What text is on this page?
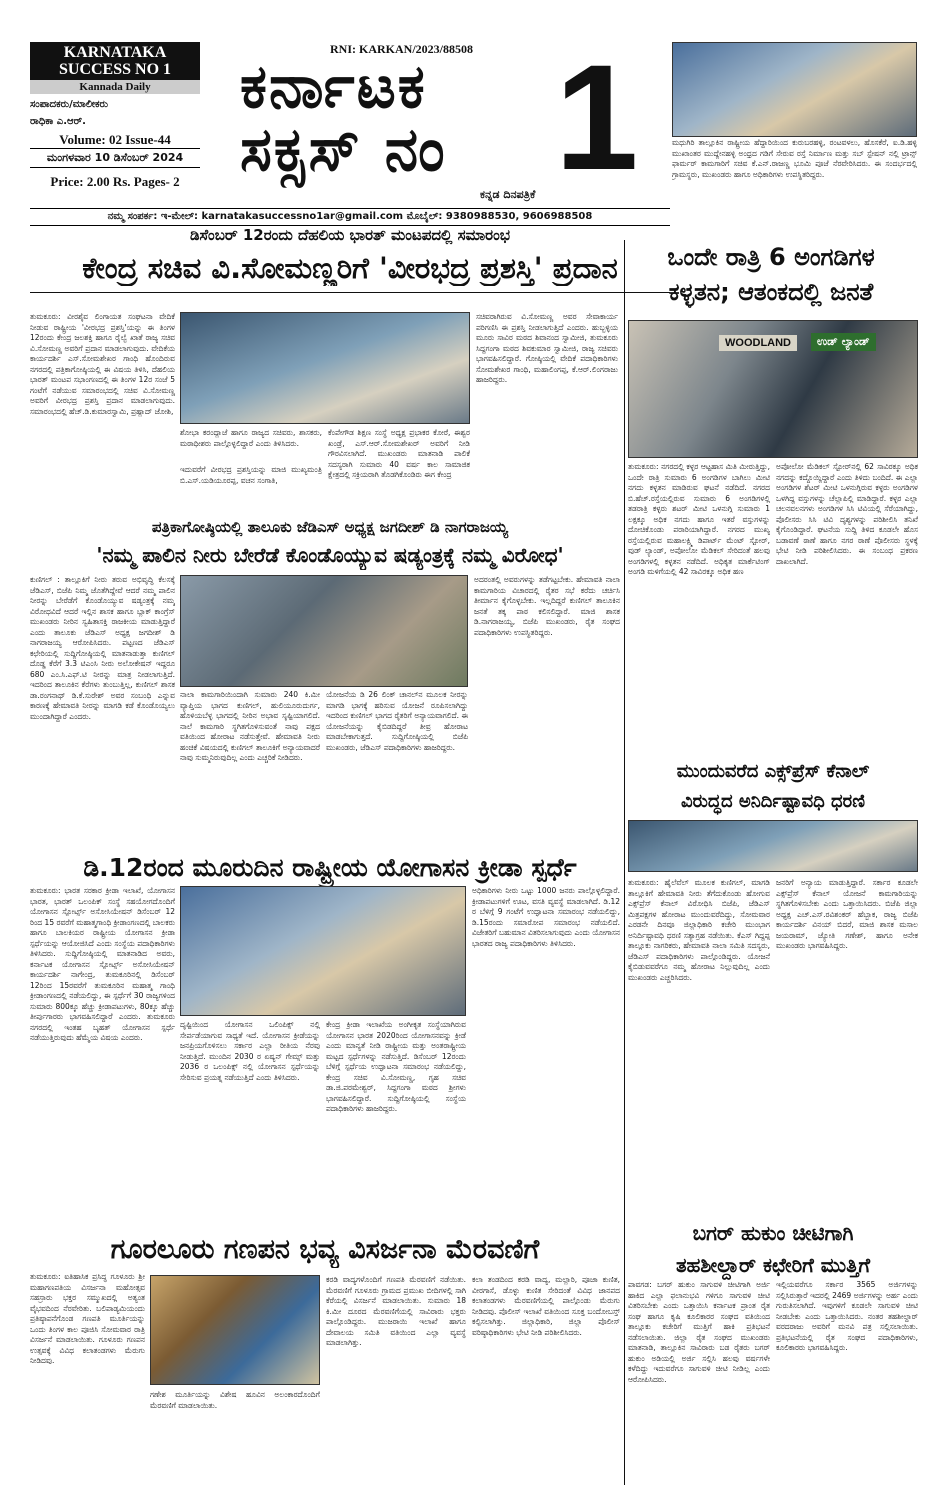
KARNATAKA
SUCCESS NO 1
Kannada Daily
ಸಂಪಾದಕರು/ಮಾಲೀಕರು
ರಾಧಿಕಾ ಎ.ಆರ್.
Volume: 02 Issue-44
ಮಂಗಳವಾರ 10 ಡಿಸೆಂಬರ್ 2024
Price: 2.00 Rs. Pages- 2
RNI: KARKAN/2023/88508
ಕರ್ನಾಟಕ
ಸಕ್ಸಸ್ ನಂ 1
ಕನ್ನಡ ದಿನಪತ್ರಿಕೆ
ನಮ್ಮ ಸಂಪರ್ಕ: ಇ-ಮೇಲ್: karnatakasuccessno1ar@gmail.com ಮೊಬೈಲ್: 9380988530, 9606988508
ಮಧುಗಿರಿ ತಾಲ್ಲೂಕಿನ ರಾಷ್ಟ್ರೀಯ ಹೆದ್ದಾರಿಯಿಂದ ಕುರುಬರಹಳ್ಳಿ, ರಂಟವಳಲು, ಹೊಸಕೆರೆ, ಐ.ಡಿ.ಹಳ್ಳಿ ಮುಖಾಂತರ ಮುದ್ದೇನಹಳ್ಳಿ ಅಂಧ್ರದ ಗಡಿಗೆ ಸೇರುವ ರಸ್ತೆ ನಿರ್ಮಾಣ ಮತ್ತು ಸಬ್ ಸ್ಟೇಷನ್ ನಲ್ಲಿ ಟ್ರಾನ್ಸ್ ಫಾರ್ಮರ್ ಕಾಮಗಾರಿಗೆ ಸಚಿವ ಕೆ.ಎನ್.ರಾಜಣ್ಣ ಭೂಮಿ ಪೂಜೆ ನೆರವೇರಿಸಿದರು. ಈ ಸಂದರ್ಭದಲ್ಲಿ ಗ್ರಾಮಸ್ಥರು, ಮುಖಂಡರು ಹಾಗೂ ಅಧಿಕಾರಿಗಳು ಉಪಸ್ಥಿತರಿದ್ದರು.
ಡಿಸೆಂಬರ್ 12ರಂದು ದೆಹಲಿಯ ಭಾರತ್ ಮಂಟಪದಲ್ಲಿ ಸಮಾರಂಭ
ಕೇಂದ್ರ ಸಚಿವ ವಿ.ಸೋಮಣ್ಣರಿಗೆ 'ವೀರಭದ್ರ ಪ್ರಶಸ್ತಿ' ಪ್ರದಾನ
ತುಮಕೂರು: ವೀರಶೈವ ಲಿಂಗಾಯತ ಸಂಘಟನಾ ವೇದಿಕೆ ನೀಡುವ ರಾಷ್ಟ್ರೀಯ 'ವೀರಭದ್ರ ಪ್ರಶಸ್ತಿ'ಯನ್ನು ಈ ತಿಂಗಳ 12ರಂದು ಕೇಂದ್ರ ಜಲಶಕ್ತಿ ಹಾಗೂ ರೈಲ್ವೆ ಖಾತೆ ರಾಜ್ಯ ಸಚಿವ ವಿ.ಸೋಮಣ್ಣ ಅವರಿಗೆ ಪ್ರದಾನ ಮಾಡಲಾಗುವುದು. ವೇದಿಕೆಯ ಕಾರ್ಯದರ್ಶಿ ಎಸ್.ಸೋಮಶೇಖರ ಗಾಂಧಿ ಹೊಂದಿರುವ ನಗರದಲ್ಲಿ ಪತ್ರಿಕಾಗೋಷ್ಠಿಯಲ್ಲಿ ಈ ವಿಷಯ ತಿಳಿಸಿ, ದೆಹಲಿಯ ಭಾರತ್ ಮಂಟಪ ಸಭಾಂಗಣದಲ್ಲಿ ಈ ತಿಂಗಳ 12ರ ಸಂಜೆ 5 ಗಂಟೆಗೆ ನಡೆಯುವ ಸಮಾರಂಭದಲ್ಲಿ ಸಚಿವ ವಿ.ಸೋಮಣ್ಣ ಅವರಿಗೆ ವೀರಭದ್ರ ಪ್ರಶಸ್ತಿ ಪ್ರದಾನ ಮಾಡಲಾಗುವುದು. ಸಮಾರಂಭದಲ್ಲಿ ಹೆಚ್.ಡಿ.ಕುಮಾರಸ್ವಾಮಿ, ಪ್ರಹ್ಲಾದ್ ಜೋಶಿ,
ಶೋಭಾ ಕರಂದ್ಲಾಜೆ ಹಾಗೂ ರಾಜ್ಯದ ಸಚಿವರು, ಶಾಸಕರು, ಮಠಾಧೀಶರು ಪಾಲ್ಗೊಳ್ಳಲಿದ್ದಾರೆ ಎಂದು ತಿಳಿಸಿದರು.
ಇದುವರೆಗೆ ವೀರಭದ್ರ ಪ್ರಶಸ್ತಿಯನ್ನು ಮಾಜಿ ಮುಖ್ಯಮಂತ್ರಿ ಬಿ.ಎಸ್.ಯಡಿಯೂರಪ್ಪ, ವಚನ ಸಂಗಾತಿ,
ಕೆಂಪೇಗೌಡ ಶಿಕ್ಷಣ ಸಂಸ್ಥೆ ಅಧ್ಯಕ್ಷ ಪ್ರಭಾಕರ ಕೋರೆ, ಈಶ್ವರ ಖಂಡ್ರೆ, ಎಸ್.ಆರ್.ಸೋಮಶೇಖರ್ ಅವರಿಗೆ ನೀಡಿ ಗೌರವಿಸಲಾಗಿದೆ. ಮುಖಂಡರು ಮಾತನಾಡಿ ಪಾಲಿಕೆ ಸದಸ್ಯರಾಗಿ ಸುಮಾರು 40 ವರ್ಷ ಕಾಲ ಸಾಮಾಜಿಕ ಕ್ಷೇತ್ರದಲ್ಲಿ ಸಕ್ರಿಯರಾಗಿ ತೊಡಗಿಕೊಂಡಿರು ಈಗ ಕೇಂದ್ರ
ಸಚಿವರಾಗಿರುವ ವಿ.ಸೋಮಣ್ಣ ಅವರ ಸೇವಾಕಾರ್ಯ ಪರಿಗಣಿಸಿ ಈ ಪ್ರಶಸ್ತಿ ನೀಡಲಾಗುತ್ತಿದೆ ಎಂದರು. ಹುಬ್ಬಳ್ಳಿಯ ಮೂರು ಸಾವಿರ ಮಠದ ಶಿವಾನಂದ ಸ್ವಾಮೀಜಿ, ತುಮಕೂರು ಸಿದ್ದಗಂಗಾ ಮಠದ ಶಿವಕುಮಾರ ಸ್ವಾಮೀಜಿ, ರಾಜ್ಯ ಸಚಿವರು ಭಾಗವಹಿಸಲಿದ್ದಾರೆ. ಗೋಷ್ಠಿಯಲ್ಲಿ ವೇದಿಕೆ ಪದಾಧಿಕಾರಿಗಳು ಸೋಮಶೇಖರ ಗಾಂಧಿ, ಮಹಾಲಿಂಗಪ್ಪ, ಕೆ.ಆರ್.ಲಿಂಗರಾಜು ಹಾಜರಿದ್ದರು.
ಒಂದೇ ರಾತ್ರಿ 6 ಅಂಗಡಿಗಳ
ಕಳ್ಳತನ; ಆತಂಕದಲ್ಲಿ ಜನತೆ
WOODLAND	ಉಡ್ ಲ್ಯಾಂಡ್
ತುಮಕೂರು: ನಗರದಲ್ಲಿ ಕಳ್ಳರ ಆಟ್ಟಹಾಸ ಮಿತಿ ಮೀರುತ್ತಿದ್ದು, ಒಂದೇ ರಾತ್ರಿ ಸುಮಾರು 6 ಅಂಗಡಿಗಳ ಬಾಗಿಲು ಮೀಟಿ ನಗದು ಕಳ್ಳತನ ಮಾಡಿರುವ ಘಟನೆ ನಡೆದಿದೆ. ನಗರದ ಬಿ.ಹೆಚ್.ರಸ್ತೆಯಲ್ಲಿರುವ ಸುಮಾರು 6 ಅಂಗಡಿಗಳಲ್ಲಿ ತಡರಾತ್ರಿ ಕಳ್ಳರು ಶಟರ್ ಮೀಟಿ ಒಳನುಗ್ಗಿ ಸುಮಾರು 1 ಲಕ್ಷಕ್ಕೂ ಅಧಿಕ ನಗದು ಹಾಗೂ ಇತರೆ ವಸ್ತುಗಳನ್ನು ದೋಚಿಕೊಂಡು ಪರಾರಿಯಾಗಿದ್ದಾರೆ. ನಗರದ ಮುಖ್ಯ ರಸ್ತೆಯಲ್ಲಿರುವ ಮಹಾಲಕ್ಷ್ಮಿ ಡಿಪಾರ್ಟ್ ಮೆಂಟ್ ಸ್ಟೋರ್, ವುಡ್ ಲ್ಯಾಂಡ್, ಅಪೋಲೋ ಮೆಡಿಕಲ್ ಸೇರಿದಂತೆ ಹಲವು ಅಂಗಡಿಗಳಲ್ಲಿ ಕಳ್ಳತನ ನಡೆದಿದೆ. ಅಧಿಕೃತ ಮಾರ್ಕೆಟಿಂಗ್ ಅಂಗಡಿ ಮಳಿಗೆಯಲ್ಲಿ 42 ಸಾವಿರಕ್ಕೂ ಅಧಿಕ ಹಣ
ಅಪೋಲೋ ಮೆಡಿಕಲ್ ಸ್ಟೋರ್‌ನಲ್ಲಿ 62 ಸಾವಿರಕ್ಕೂ ಅಧಿಕ ನಗದನ್ನು ಕದ್ದೊಯ್ದಿದ್ದಾರೆ ಎಂದು ತಿಳಿದು ಬಂದಿದೆ. ಈ ಎಲ್ಲಾ ಅಂಗಡಿಗಳ ಶೆಟರ್ ಮೀಟಿ ಒಳನುಗ್ಗಿರುವ ಕಳ್ಳರು ಅಂಗಡಿಗಳ ಒಳಗಿದ್ದ ವಸ್ತುಗಳನ್ನು ಚೆಲ್ಲಾಪಿಲ್ಲಿ ಮಾಡಿದ್ದಾರೆ. ಕಳ್ಳರ ಎಲ್ಲಾ ಚಲನವಲನಗಳು ಅಂಗಡಿಗಳ ಸಿಸಿ ಟಿವಿಯಲ್ಲಿ ಸೆರೆಯಾಗಿದ್ದು, ಪೊಲೀಸರು ಸಿಸಿ ಟಿವಿ ದೃಶ್ಯಗಳನ್ನು ಪರಿಶೀಲಿಸಿ ತನಿಖೆ ಕೈಗೊಂಡಿದ್ದಾರೆ. ಘಟನೆಯ ಸುದ್ದಿ ತಿಳಿದ ಕೂಡಲೇ ಹೊಸ ಬಡಾವಣೆ ಠಾಣೆ ಹಾಗೂ ನಗರ ಠಾಣೆ ಪೊಲೀಸರು ಸ್ಥಳಕ್ಕೆ ಭೇಟಿ ನೀಡಿ ಪರಿಶೀಲಿಸಿದರು. ಈ ಸಂಬಂಧ ಪ್ರಕರಣ ದಾಖಲಾಗಿದೆ.
ಪತ್ರಿಕಾಗೋಷ್ಠಿಯಲ್ಲಿ ತಾಲೂಕು ಜೆಡಿಎಸ್ ಅಧ್ಯಕ್ಷ ಜಗದೀಶ್ ಡಿ ನಾಗರಾಜಯ್ಯ
'ನಮ್ಮ ಪಾಲಿನ ನೀರು ಬೇರೆಡೆ ಕೊಂಡೊಯ್ಯುವ ಷಡ್ಯಂತ್ರಕ್ಕೆ ನಮ್ಮ ವಿರೋಧ'
ಕುಣಿಗಲ್ : ತಾಲ್ಲೂಕಿಗೆ ನೀರು ತರುವ ಅಭಿವೃದ್ಧಿ ಕೆಲಸಕ್ಕೆ ಜೆಡಿಎಸ್, ಬಿಜೆಪಿ ನಿಮ್ಮ ಜೊತೆಗಿದ್ದೇವೆ ಆದರೆ ನಮ್ಮ ಪಾಲಿನ ನೀರನ್ನು ಬೇರೆಡೆಗೆ ಕೊಂಡೊಯ್ಯುವ ಷಡ್ಯಂತ್ರಕ್ಕೆ ನಮ್ಮ ವಿರೋಧವಿದೆ ಆದರೆ ಇಲ್ಲಿನ ಶಾಸಕ ಹಾಗೂ ಬ್ಲಾಕ್ ಕಾಂಗ್ರೆಸ್ ಮುಖಂಡರು ನೀರಿನ ಸ್ವಹಿತಾಸಕ್ತಿ ರಾಜಕೀಯ ಮಾಡುತ್ತಿದ್ದಾರೆ ಎಂದು ತಾಲೂಕು ಜೆಡಿಎಸ್ ಅಧ್ಯಕ್ಷ ಜಗದೀಶ್ ಡಿ ನಾಗರಾಜಯ್ಯ ಆರೋಪಿಸಿದರು. ಪಟ್ಟಣದ ಜೆಡಿಎಸ್ ಕಛೇರಿಯಲ್ಲಿ ಸುದ್ದಿಗೋಷ್ಠಿಯಲ್ಲಿ ಮಾತನಾಡುತ್ತಾ ಕುಣಿಗಲ್ ದೊಡ್ಡ ಕೆರೆಗೆ 3.3 ಟಿಎಂಸಿ ನೀರು ಅಲೋಕೇಷನ್ ಇದ್ದರೂ 680 ಎಂ.ಸಿ.ಎಫ್.ಟಿ ನೀರನ್ನು ಮಾತ್ರ ನೀಡಲಾಗುತ್ತಿದೆ. ಇದರಿಂದ ತಾಲೂಕಿನ ಕೆರೆಗಳು ತುಂಬುತ್ತಿಲ್ಲ, ಕುಣಿಗಲ್ ಶಾಸಕ ಡಾ.ರಂಗನಾಥ್ ಡಿ.ಕೆ.ಸುರೇಶ್ ಅವರ ಸಂಬಂಧಿ ಎನ್ನುವ ಕಾರಣಕ್ಕೆ ಹೇಮಾವತಿ ನೀರನ್ನು ಮಾಗಡಿ ಕಡೆ ಕೊಂಡೊಯ್ಯಲು ಮುಂದಾಗಿದ್ದಾರೆ ಎಂದರು.
ನಾಲಾ ಕಾಮಗಾರಿಯಿಂದಾಗಿ ಸುಮಾರು 240 ಕಿ.ಮೀ ವ್ಯಾಪ್ತಿಯ ಭಾಗದ ಕುಣಿಗಲ್, ಹುಲಿಯೂರುದುರ್ಗ, ಹೊಳಿಯಬೆಳ್ಳ ಭಾಗದಲ್ಲಿ ನೀರಿನ ಅಭಾವ ಸೃಷ್ಟಿಯಾಗಲಿದೆ. ನಾಲೆ ಕಾಮಗಾರಿ ಸ್ಥಗಿತಗೊಳಿಸುವಂತೆ ನಾವು ಪಕ್ಷದ ವತಿಯಿಂದ ಹೋರಾಟ ನಡೆಸುತ್ತೇವೆ. ಹೇಮಾವತಿ ನೀರು ಹಂಚಿಕೆ ವಿಷಯದಲ್ಲಿ ಕುಣಿಗಲ್ ತಾಲೂಕಿಗೆ ಅನ್ಯಾಯವಾದರೆ ನಾವು ಸುಮ್ಮನಿರುವುದಿಲ್ಲ ಎಂದು ಎಚ್ಚರಿಕೆ ನೀಡಿದರು.
ಯೋಜನೆಯ ಡಿ 26 ಲಿಂಕ್ ಚಾನಲ್‌ನ ಮೂಲಕ ನೀರನ್ನು ಮಾಗಡಿ ಭಾಗಕ್ಕೆ ಹರಿಸುವ ಯೋಜನೆ ರೂಪಿಸಲಾಗಿದ್ದು ಇದರಿಂದ ಕುಣಿಗಲ್ ಭಾಗದ ರೈತರಿಗೆ ಅನ್ಯಾಯವಾಗಲಿದೆ. ಈ ಯೋಜನೆಯನ್ನು ಕೈಬಿಡದಿದ್ದರೆ ತೀವ್ರ ಹೋರಾಟ ಮಾಡಬೇಕಾಗುತ್ತದೆ. ಸುದ್ದಿಗೋಷ್ಠಿಯಲ್ಲಿ ಬಿಜೆಪಿ ಮುಖಂಡರು, ಜೆಡಿಎಸ್ ಪದಾಧಿಕಾರಿಗಳು ಹಾಜರಿದ್ದರು.
ಅದರಂತಲ್ಲಿ ಅವರುಗಳನ್ನು ತಡೆಗಟ್ಟಬೇಕು. ಹೇಮಾವತಿ ನಾಲಾ ಕಾಮಗಾರಿಯ ವಿಚಾರದಲ್ಲಿ ರೈತರ ಸಭೆ ಕರೆದು ಚರ್ಚಿಸಿ ತೀರ್ಮಾನ ಕೈಗೊಳ್ಳಬೇಕು. ಇಲ್ಲದಿದ್ದರೆ ಕುಣಿಗಲ್ ತಾಲೂಕಿನ ಜನತೆ ತಕ್ಕ ಪಾಠ ಕಲಿಸಲಿದ್ದಾರೆ. ಮಾಜಿ ಶಾಸಕ ಡಿ.ನಾಗರಾಜಯ್ಯ, ಬಿಜೆಪಿ ಮುಖಂಡರು, ರೈತ ಸಂಘದ ಪದಾಧಿಕಾರಿಗಳು ಉಪಸ್ಥಿತರಿದ್ದರು.
ಮುಂದುವರೆದ ಎಕ್ಸ್‌ಪ್ರೆಸ್ ಕೆನಾಲ್
ವಿರುದ್ಧದ ಅನಿರ್ದಿಷ್ಟಾವಧಿ ಧರಣಿ
ತುಮಕೂರು: ಹೈಲೆವೆಲ್ ಮೂಲಕ ಕುಣಿಗಲ್, ಮಾಗಡಿ ತಾಲ್ಲೂಕಿಗೆ ಹೇಮಾವತಿ ನೀರು ತೆಗೆದುಕೊಂಡು ಹೋಗುವ ಎಕ್ಸ್‌ಪ್ರೆಸ್ ಕೆನಾಲ್ ವಿರೋಧಿಸಿ ಬಿಜೆಪಿ, ಜೆಡಿಎಸ್ ಮಿತ್ರಪಕ್ಷಗಳ ಹೋರಾಟ ಮುಂದುವರೆದಿದ್ದು, ಸೋಮವಾರ ಎರಡನೇ ದಿನವೂ ಜಿಲ್ಲಾಧಿಕಾರಿ ಕಚೇರಿ ಮುಂಭಾಗ ಅನಿರ್ದಿಷ್ಟಾವಧಿ ಧರಣಿ ಸತ್ಯಾಗ್ರಹ ನಡೆಯಿತು. ಕೆಎಸ್ ಗಿದ್ದಪ್ಪ ತಾಲ್ಲೂಕು ನಾಗರಿಕರು, ಹೇಮಾವತಿ ನಾಲಾ ಸಮಿತಿ ಸದಸ್ಯರು, ಜೆಡಿಎಸ್ ಪದಾಧಿಕಾರಿಗಳು ಪಾಲ್ಗೊಂಡಿದ್ದರು. ಯೋಜನೆ ಕೈಬಿಡುವವರೆಗೂ ನಮ್ಮ ಹೋರಾಟ ನಿಲ್ಲುವುದಿಲ್ಲ ಎಂದು ಮುಖಂಡರು ಎಚ್ಚರಿಸಿದರು.
ಜನರಿಗೆ ಅನ್ಯಾಯ ಮಾಡುತ್ತಿದ್ದಾರೆ. ಸರ್ಕಾರ ಕೂಡಲೇ ಎಕ್ಸ್‌ಪ್ರೆಸ್ ಕೆನಾಲ್ ಯೋಜನೆ ಕಾಮಗಾರಿಯನ್ನು ಸ್ಥಗಿತಗೊಳಿಸಬೇಕು ಎಂದು ಒತ್ತಾಯಿಸಿದರು. ಬಿಜೆಪಿ ಜಿಲ್ಲಾ ಅಧ್ಯಕ್ಷ ಎಚ್.ಎಸ್.ರವಿಶಂಕರ್ ಹೆಬ್ಬಾಕ, ರಾಜ್ಯ ಬಿಜೆಪಿ ಕಾರ್ಯದರ್ಶಿ ವಿನಯ್ ಬಿದರೆ, ಮಾಜಿ ಶಾಸಕ ಮಸಾಲ ಜಯರಾಮ್, ಜ್ಯೋತಿ ಗಣೇಶ್, ಹಾಗೂ ಅನೇಕ ಮುಖಂಡರು ಭಾಗವಹಿಸಿದ್ದರು.
ಡಿ.12ರಂದ ಮೂರುದಿನ ರಾಷ್ಟ್ರೀಯ ಯೋಗಾಸನ ಕ್ರೀಡಾ ಸ್ಪರ್ಧೆ
ತುಮಕೂರು: ಭಾರತ ಸರಕಾರ ಕ್ರೀಡಾ ಇಲಾಖೆ, ಯೋಗಾಸನ ಭಾರತ, ಭಾರತ್ ಒಲಂಪಿಕ್ ಸಂಸ್ಥೆ ಸಹಯೋಗದೊಂದಿಗೆ ಯೋಗಾಸನ ಸ್ಪೋರ್ಟ್ಸ್ ಅಸೋಸಿಯೇಷನ್ ಡಿಸೆಂಬರ್ 12 ರಿಂದ 15 ರವರೆಗೆ ಮಹಾತ್ಮಗಾಂಧಿ ಕ್ರೀಡಾಂಗಣದಲ್ಲಿ ಬಾಲಕರು ಹಾಗೂ ಬಾಲಕಿಯರ ರಾಷ್ಟ್ರೀಯ ಯೋಗಾಸನ ಕ್ರೀಡಾ ಸ್ಪರ್ಧೆಯನ್ನು ಆಯೋಜಿಸಿದೆ ಎಂದು ಸಂಸ್ಥೆಯ ಪದಾಧಿಕಾರಿಗಳು ತಿಳಿಸಿದರು. ಸುದ್ದಿಗೋಷ್ಠಿಯಲ್ಲಿ ಮಾತನಾಡಿದ ಅವರು, ಕರ್ನಾಟಕ ಯೋಗಾಸನ ಸ್ಪೋರ್ಟ್ಸ್ ಅಸೋಸಿಯೇಷನ್ ಕಾರ್ಯದರ್ಶಿ ನಾಗೇಂದ್ರ, ತುಮಕೂರಿನಲ್ಲಿ ಡಿಸೆಂಬರ್ 12ರಿಂದ 15ರವರೆಗೆ ತುಮಕೂರಿನ ಮಹಾತ್ಮ ಗಾಂಧಿ ಕ್ರೀಡಾಂಗಣದಲ್ಲಿ ನಡೆಯಲಿದ್ದು, ಈ ಸ್ಪರ್ಧೆಗೆ 30 ರಾಜ್ಯಗಳಿಂದ ಸುಮಾರು 800ಕ್ಕೂ ಹೆಚ್ಚು ಕ್ರೀಡಾಪಟುಗಳು, 80ಕ್ಕೂ ಹೆಚ್ಚು ತೀರ್ಪುಗಾರರು ಭಾಗವಹಿಸಲಿದ್ದಾರೆ ಎಂದರು. ತುಮಕೂರು ನಗರದಲ್ಲಿ ಇಂತಹ ಬೃಹತ್ ಯೋಗಾಸನ ಸ್ಪರ್ಧೆ ನಡೆಯುತ್ತಿರುವುದು ಹೆಮ್ಮೆಯ ವಿಷಯ ಎಂದರು.
ದೃಷ್ಟಿಯಿಂದ ಯೋಗಾಸನ ಒಲಿಂಪಿಕ್ಸ್ ನಲ್ಲಿ ಸೇರ್ಪಡೆಯಾಗುವ ಸಾಧ್ಯತೆ ಇದೆ. ಯೋಗಾಸನ ಕ್ರೀಡೆಯನ್ನು ಜನಪ್ರಿಯಗೊಳಿಸಲು ಸರ್ಕಾರ ಎಲ್ಲಾ ರೀತಿಯ ನೆರವು ನೀಡುತ್ತಿದೆ. ಮುಂದಿನ 2030 ರ ಏಷ್ಯನ್ ಗೇಮ್ಸ್ ಮತ್ತು 2036 ರ ಒಲಂಪಿಕ್ಸ್ ನಲ್ಲಿ ಯೋಗಾಸನ ಸ್ಪರ್ಧೆಯನ್ನು ಸೇರಿಸುವ ಪ್ರಯತ್ನ ನಡೆಯುತ್ತಿದೆ ಎಂದು ತಿಳಿಸಿದರು.
ಕೇಂದ್ರ ಕ್ರೀಡಾ ಇಲಾಖೆಯ ಅಂಗೀಕೃತ ಸಂಸ್ಥೆಯಾಗಿರುವ ಯೋಗಾಸನ ಭಾರತ 2020ರಿಂದ ಯೋಗಾಸನವನ್ನು ಕ್ರೀಡೆ ಎಂದು ಮಾನ್ಯತೆ ನೀಡಿ ರಾಷ್ಟ್ರೀಯ ಮತ್ತು ಅಂತರಾಷ್ಟ್ರೀಯ ಮಟ್ಟದ ಸ್ಪರ್ಧೆಗಳನ್ನು ನಡೆಸುತ್ತಿದೆ. ಡಿಸೆಂಬರ್ 12ರಂದು ಬೆಳಿಗ್ಗೆ ಸ್ಪರ್ಧೆಯ ಉದ್ಘಾಟನಾ ಸಮಾರಂಭ ನಡೆಯಲಿದ್ದು, ಕೇಂದ್ರ ಸಚಿವ ವಿ.ಸೋಮಣ್ಣ, ಗೃಹ ಸಚಿವ ಡಾ.ಜಿ.ಪರಮೇಶ್ವರ್, ಸಿದ್ದಗಂಗಾ ಮಠದ ಶ್ರೀಗಳು ಭಾಗವಹಿಸಲಿದ್ದಾರೆ. ಸುದ್ದಿಗೋಷ್ಠಿಯಲ್ಲಿ ಸಂಸ್ಥೆಯ ಪದಾಧಿಕಾರಿಗಳು ಹಾಜರಿದ್ದರು.
ಅಧಿಕಾರಿಗಳು ನೀರು ಒಟ್ಟು 1000 ಜನರು ಪಾಲ್ಗೊಳ್ಳಲಿದ್ದಾರೆ. ಕ್ರೀಡಾಪಟುಗಳಿಗೆ ಊಟ, ವಸತಿ ವ್ಯವಸ್ಥೆ ಮಾಡಲಾಗಿದೆ. ಡಿ.12 ರ ಬೆಳಿಗ್ಗೆ 9 ಗಂಟೆಗೆ ಉದ್ಘಾಟನಾ ಸಮಾರಂಭ ನಡೆಯಲಿದ್ದು, ಡಿ.15ರಂದು ಸಮಾರೋಪ ಸಮಾರಂಭ ನಡೆಯಲಿದೆ. ವಿಜೇತರಿಗೆ ಬಹುಮಾನ ವಿತರಿಸಲಾಗುವುದು ಎಂದು ಯೋಗಾಸನ ಭಾರತದ ರಾಜ್ಯ ಪದಾಧಿಕಾರಿಗಳು ತಿಳಿಸಿದರು.
ಬಗರ್ ಹುಕುಂ ಚೀಟಿಗಾಗಿ
ತಹಶೀಲ್ದಾರ್ ಕಛೇರಿಗೆ ಮುತ್ತಿಗೆ
ಪಾವಗಡ: ಬಗರ್ ಹುಕುಂ ಸಾಗುವಳಿ ಚೀಟಿಗಾಗಿ ಅರ್ಜಿ ಹಾಕಿದ ಎಲ್ಲಾ ಫಲಾನುಭವಿ ಗಳಿಗೂ ಸಾಗುವಳಿ ಚೀಟಿ ವಿತರಿಸಬೇಕು ಎಂದು ಒತ್ತಾಯಿಸಿ ಕರ್ನಾಟಕ ಪ್ರಾಂತ ರೈತ ಸಂಘ ಹಾಗೂ ಕೃಷಿ ಕೂಲಿಕಾರರ ಸಂಘದ ವತಿಯಿಂದ ತಾಲ್ಲೂಕು ಕಚೇರಿಗೆ ಮುತ್ತಿಗೆ ಹಾಕಿ ಪ್ರತಿಭಟನೆ ನಡೆಸಲಾಯಿತು. ಜಿಲ್ಲಾ ರೈತ ಸಂಘದ ಮುಖಂಡರು ಮಾತನಾಡಿ, ತಾಲ್ಲೂಕಿನ ಸಾವಿರಾರು ಬಡ ರೈತರು ಬಗರ್ ಹುಕುಂ ಅಡಿಯಲ್ಲಿ ಅರ್ಜಿ ಸಲ್ಲಿಸಿ ಹಲವು ವರ್ಷಗಳೇ ಕಳೆದಿದ್ದು ಇದುವರೆಗೂ ಸಾಗುವಳಿ ಚೀಟಿ ನೀಡಿಲ್ಲ ಎಂದು ಆರೋಪಿಸಿದರು.
ಇಲ್ಲಿಯವರೆಗೂ ಸರ್ಕಾರ 3565 ಅರ್ಜಿಗಳನ್ನು ಸಲ್ಲಿಸಿರುತ್ತಾರೆ ಇದರಲ್ಲಿ 2469 ಅರ್ಜಿಗಳನ್ನು ಅರ್ಹ ಎಂದು ಗುರುತಿಸಲಾಗಿದೆ. ಇವುಗಳಿಗೆ ಕೂಡಲೇ ಸಾಗುವಳಿ ಚೀಟಿ ನೀಡಬೇಕು ಎಂದು ಒತ್ತಾಯಿಸಿದರು. ನಂತರ ತಹಶೀಲ್ದಾರ್ ವರದರಾಜು ಅವರಿಗೆ ಮನವಿ ಪತ್ರ ಸಲ್ಲಿಸಲಾಯಿತು. ಪ್ರತಿಭಟನೆಯಲ್ಲಿ ರೈತ ಸಂಘದ ಪದಾಧಿಕಾರಿಗಳು, ಕೂಲಿಕಾರರು ಭಾಗವಹಿಸಿದ್ದರು.
ಗೂರಲೂರು ಗಣಪನ ಭವ್ಯ ವಿಸರ್ಜನಾ ಮೆರವಣಿಗೆ
ತುಮಕೂರು: ಐತಿಹಾಸಿಕ ಪ್ರಸಿದ್ಧ ಗೂಳೂರು ಶ್ರೀ ಮಹಾಗಣಪತಿಯ ವಿಸರ್ಜನಾ ಮಹೋತ್ಸವ ಸಹಸ್ರಾರು ಭಕ್ತರ ಸಮ್ಮುಖದಲ್ಲಿ ಅತ್ಯಂತ ವೈಭವದಿಂದ ನೆರವೇರಿತು. ಬಲಿಪಾಡ್ಯಮಿಯಂದು ಪ್ರತಿಷ್ಠಾಪನೆಗೊಂಡ ಗಣಪತಿ ಮೂರ್ತಿಯನ್ನು ಒಂದು ತಿಂಗಳ ಕಾಲ ಪೂಜಿಸಿ ಸೋಮವಾರ ರಾತ್ರಿ ವಿಸರ್ಜನೆ ಮಾಡಲಾಯಿತು. ಗೂಳೂರು ಗಣಪನ ಉತ್ಸವಕ್ಕೆ ವಿವಿಧ ಕಲಾತಂಡಗಳು ಮೆರುಗು ನೀಡಿದವು.
ಗಣೇಶ ಮೂರ್ತಿಯನ್ನು ವಿಶೇಷ ಹೂವಿನ ಅಲಂಕಾರದೊಂದಿಗೆ ಮೆರವಣಿಗೆ ಮಾಡಲಾಯಿತು.
ಕರಡಿ ವಾದ್ಯಗಳೊಂದಿಗೆ ಗಣಪತಿ ಮೆರವಣಿಗೆ ನಡೆಯಿತು. ಮೆರವಣಿಗೆ ಗೂಳೂರು ಗ್ರಾಮದ ಪ್ರಮುಖ ಬೀದಿಗಳಲ್ಲಿ ಸಾಗಿ ಕೆರೆಯಲ್ಲಿ ವಿಸರ್ಜನೆ ಮಾಡಲಾಯಿತು. ಸುಮಾರು 18 ಕಿ.ಮೀ ದೂರದ ಮೆರವಣಿಗೆಯಲ್ಲಿ ಸಾವಿರಾರು ಭಕ್ತರು ಪಾಲ್ಗೊಂಡಿದ್ದರು. ಮುಜರಾಯಿ ಇಲಾಖೆ ಹಾಗೂ ದೇವಾಲಯ ಸಮಿತಿ ವತಿಯಿಂದ ಎಲ್ಲಾ ವ್ಯವಸ್ಥೆ ಮಾಡಲಾಗಿತ್ತು.
ಕಲಾ ತಂಡದಿಂದ ಕರಡಿ ವಾದ್ಯ, ಮಲ್ಲಾರಿ, ಪೂಜಾ ಕುಣಿತ, ವೀರಗಾಸೆ, ಡೊಳ್ಳು ಕುಣಿತ ಸೇರಿದಂತೆ ವಿವಿಧ ಜಾನಪದ ಕಲಾತಂಡಗಳು ಮೆರವಣಿಗೆಯಲ್ಲಿ ಪಾಲ್ಗೊಂಡು ಮೆರುಗು ನೀಡಿದವು. ಪೊಲೀಸ್ ಇಲಾಖೆ ವತಿಯಿಂದ ಸೂಕ್ತ ಬಂದೋಬಸ್ತ್ ಕಲ್ಪಿಸಲಾಗಿತ್ತು. ಜಿಲ್ಲಾಧಿಕಾರಿ, ಜಿಲ್ಲಾ ಪೊಲೀಸ್ ವರಿಷ್ಠಾಧಿಕಾರಿಗಳು ಭೇಟಿ ನೀಡಿ ಪರಿಶೀಲಿಸಿದರು.
